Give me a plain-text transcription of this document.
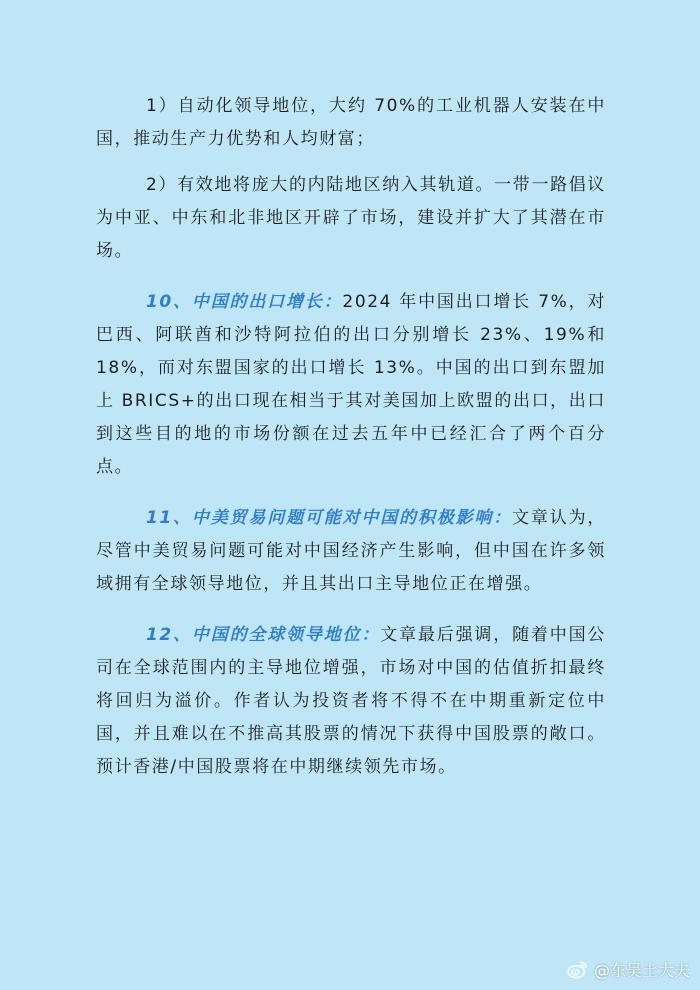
1）自动化领导地位，大约 70%的工业机器人安装在中国，推动生产力优势和人均财富；

2）有效地将庞大的内陆地区纳入其轨道。一带一路倡议为中亚、中东和北非地区开辟了市场，建设并扩大了其潜在市场。

10、中国的出口增长：2024 年中国出口增长 7%，对巴西、阿联酋和沙特阿拉伯的出口分别增长 23%、19%和 18%，而对东盟国家的出口增长 13%。中国的出口到东盟加上 BRICS+的出口现在相当于其对美国加上欧盟的出口，出口到这些目的地的市场份额在过去五年中已经汇合了两个百分点。

11、中美贸易问题可能对中国的积极影响：文章认为，尽管中美贸易问题可能对中国经济产生影响，但中国在许多领域拥有全球领导地位，并且其出口主导地位正在增强。

12、中国的全球领导地位：文章最后强调，随着中国公司在全球范围内的主导地位增强，市场对中国的估值折扣最终将回归为溢价。作者认为投资者将不得不在中期重新定位中国，并且难以在不推高其股票的情况下获得中国股票的敞口。预计香港/中国股票将在中期继续领先市场。

@东吴土大夫
